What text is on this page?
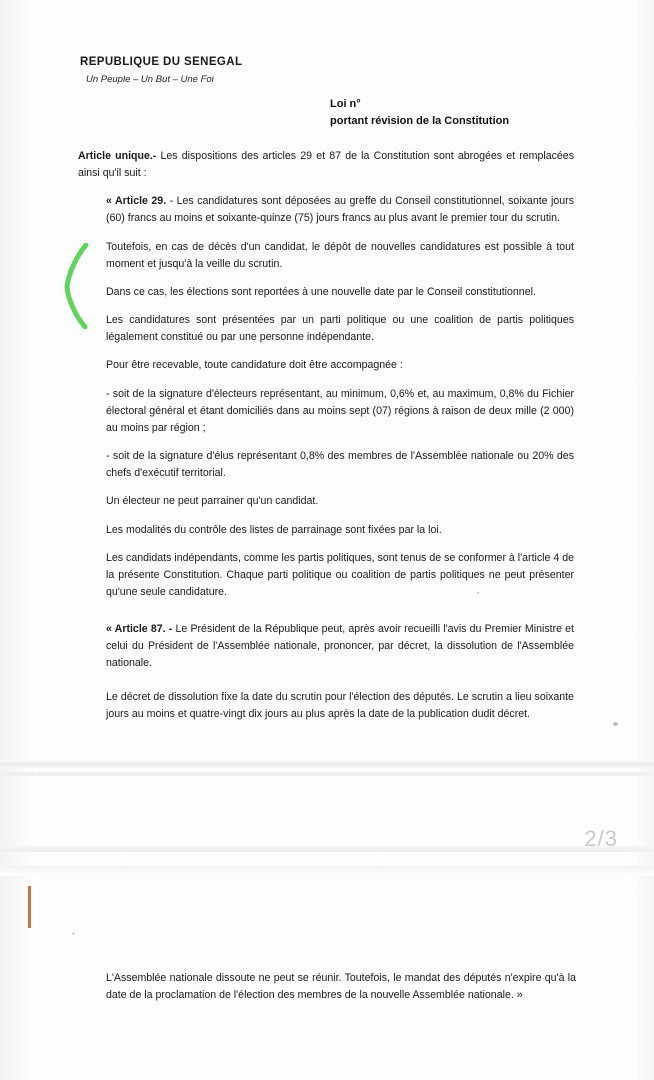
REPUBLIQUE DU SENEGAL
Un Peuple – Un But – Une Foi
Loi n°
portant révision de la Constitution

Article unique.- Les dispositions des articles 29 et 87 de la Constitution sont abrogées et remplacées ainsi qu'il suit :

« Article 29. - Les candidatures sont déposées au greffe du Conseil constitutionnel, soixante jours (60) francs au moins et soixante-quinze (75) jours francs au plus avant le premier tour du scrutin.

Toutefois, en cas de décès d'un candidat, le dépôt de nouvelles candidatures est possible à tout moment et jusqu'à la veille du scrutin.

Dans ce cas, les élections sont reportées à une nouvelle date par le Conseil constitutionnel.

Les candidatures sont présentées par un parti politique ou une coalition de partis politiques légalement constitué ou par une personne indépendante.

Pour être recevable, toute candidature doit être accompagnée :

- soit de la signature d'électeurs représentant, au minimum, 0,6% et, au maximum, 0,8% du Fichier électoral général et étant domiciliés dans au moins sept (07) régions à raison de deux mille (2 000) au moins par région ;

- soit de la signature d'élus représentant 0,8% des membres de l'Assemblée nationale ou 20% des chefs d'exécutif territorial.

Un électeur ne peut parrainer qu'un candidat.

Les modalités du contrôle des listes de parrainage sont fixées par la loi.

Les candidats indépendants, comme les partis politiques, sont tenus de se conformer à l'article 4 de la présente Constitution. Chaque parti politique ou coalition de partis politiques ne peut présenter qu'une seule candidature.

« Article 87. - Le Président de la République peut, après avoir recueilli l'avis du Premier Ministre et celui du Président de l'Assemblée nationale, prononcer, par décret, la dissolution de l'Assemblée nationale.

Le décret de dissolution fixe la date du scrutin pour l'élection des députés. Le scrutin a lieu soixante jours au moins et quatre-vingt dix jours au plus après la date de la publication dudit décret.

2/3
L'Assemblée nationale dissoute ne peut se réunir. Toutefois, le mandat des députés n'expire qu'à la date de la proclamation de l'élection des membres de la nouvelle Assemblée nationale. »
